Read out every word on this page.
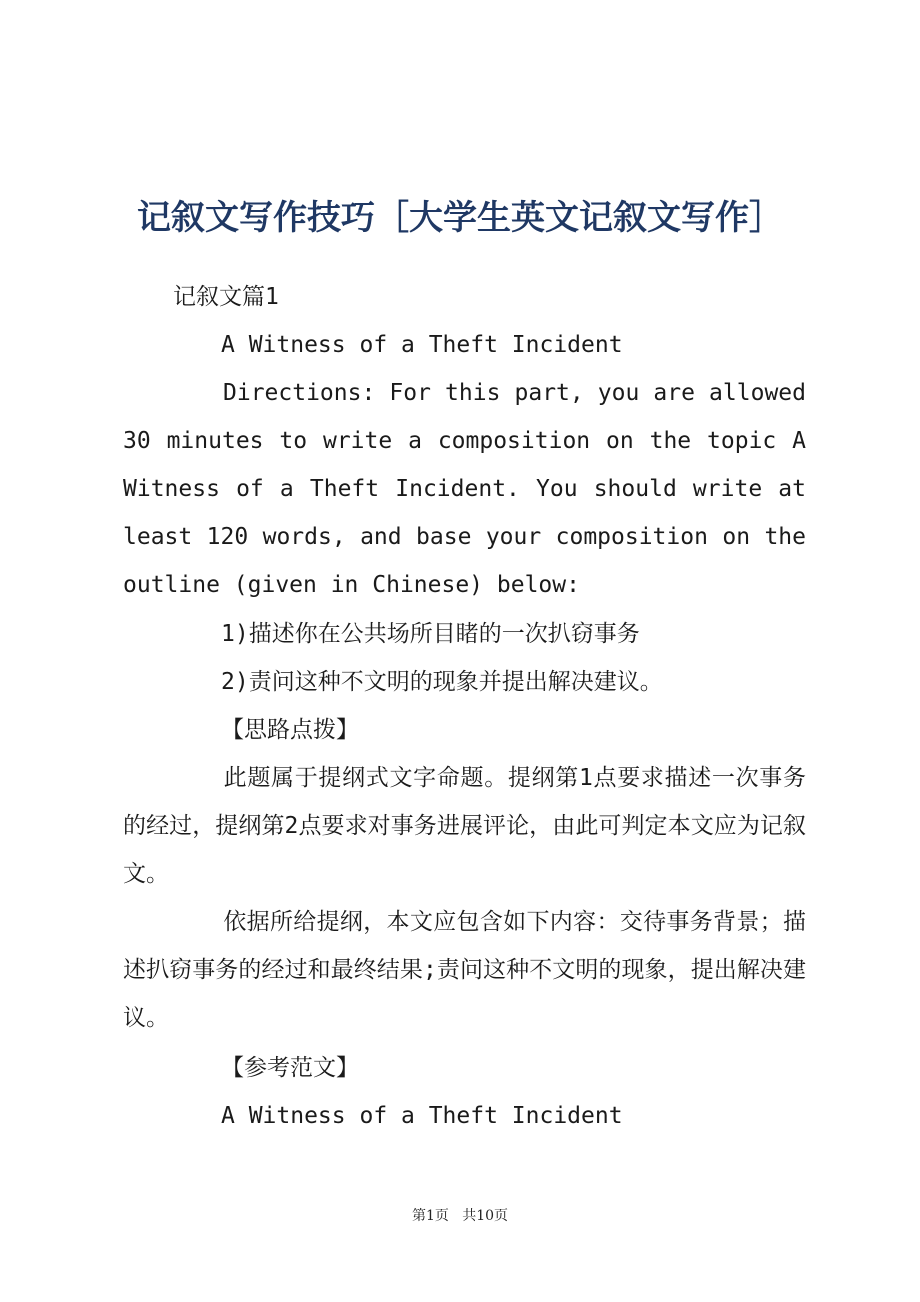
记叙文写作技巧［大学生英文记叙文写作］
记叙文篇1
A Witness of a Theft Incident
Directions: For this part, you are allowed 30 minutes to write a composition on the topic A Witness of a Theft Incident. You should write at least 120 words, and base your composition on the outline (given in Chinese) below:
1)描述你在公共场所目睹的一次扒窃事务
2)责问这种不文明的现象并提出解决建议。
【思路点拨】
此题属于提纲式文字命题。提纲第1点要求描述一次事务的经过，提纲第2点要求对事务进展评论，由此可判定本文应为记叙文。
依据所给提纲，本文应包含如下内容：交待事务背景；描述扒窃事务的经过和最终结果;责问这种不文明的现象，提出解决建议。
【参考范文】
A Witness of a Theft Incident
第1页   共10页
